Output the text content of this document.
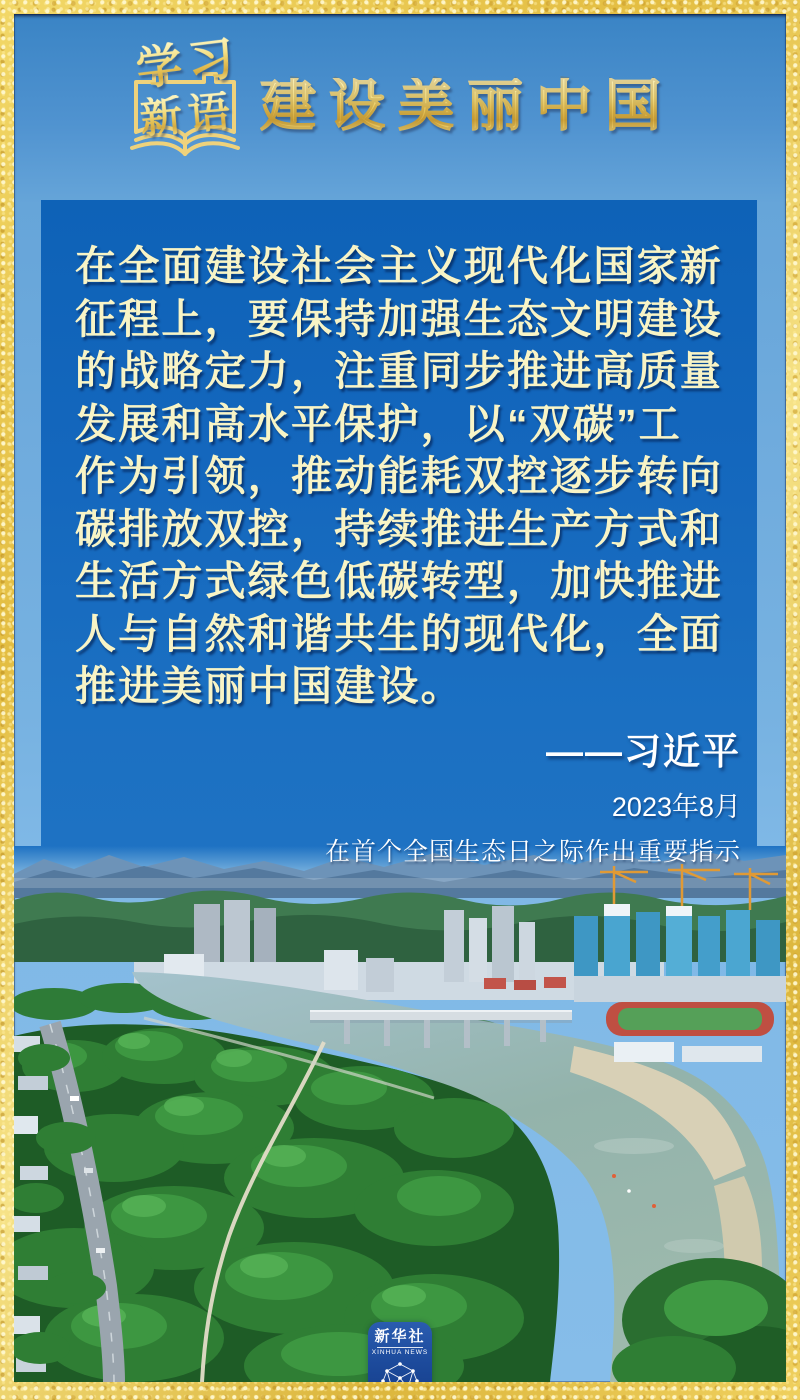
学习
新语 建设美丽中国
在全面建设社会主义现代化国家新
征程上，要保持加强生态文明建设
的战略定力，注重同步推进高质量
发展和高水平保护，以“双碳”工
作为引领，推动能耗双控逐步转向
碳排放双控，持续推进生产方式和
生活方式绿色低碳转型，加快推进
人与自然和谐共生的现代化，全面
推进美丽中国建设。
——习近平
2023年8月
在首个全国生态日之际作出重要指示
新华社
XINHUA NEWS
